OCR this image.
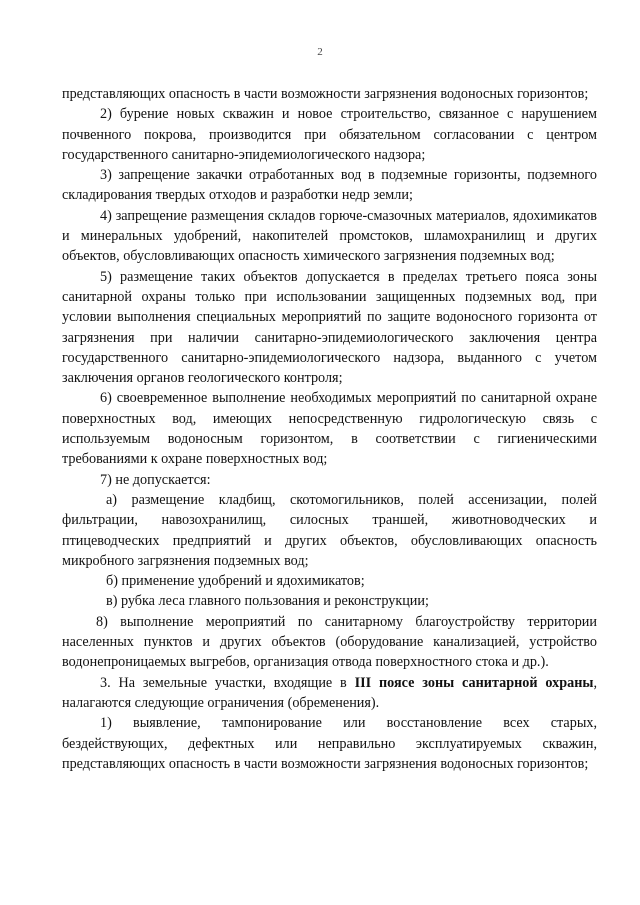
2

представляющих опасность в части возможности загрязнения водоносных горизонтов;

2) бурение новых скважин и новое строительство, связанное с нарушением почвенного покрова, производится при обязательном согласовании с центром государственного санитарно-эпидемиологического надзора;

3) запрещение закачки отработанных вод в подземные горизонты, подземного складирования твердых отходов и разработки недр земли;

4) запрещение размещения складов горюче-смазочных материалов, ядохимикатов и минеральных удобрений, накопителей промстоков, шламохранилищ и других объектов, обусловливающих опасность химического загрязнения подземных вод;

5) размещение таких объектов допускается в пределах третьего пояса зоны санитарной охраны только при использовании защищенных подземных вод, при условии выполнения специальных мероприятий по защите водоносного горизонта от загрязнения при наличии санитарно-эпидемиологического заключения центра государственного санитарно-эпидемиологического надзора, выданного с учетом заключения органов геологического контроля;

6) своевременное выполнение необходимых мероприятий по санитарной охране поверхностных вод, имеющих непосредственную гидрологическую связь с используемым водоносным горизонтом, в соответствии с гигиеническими требованиями к охране поверхностных вод;

7) не допускается:

а) размещение кладбищ, скотомогильников, полей ассенизации, полей фильтрации, навозохранилищ, силосных траншей, животноводческих и птицеводческих предприятий и других объектов, обусловливающих опасность микробного загрязнения подземных вод;

б) применение удобрений и ядохимикатов;

в) рубка леса главного пользования и реконструкции;

8) выполнение мероприятий по санитарному благоустройству территории населенных пунктов и других объектов (оборудование канализацией, устройство водонепроницаемых выгребов, организация отвода поверхностного стока и др.).

3. На земельные участки, входящие в III поясе зоны санитарной охраны, налагаются следующие ограничения (обременения).

1) выявление, тампонирование или восстановление всех старых, бездействующих, дефектных или неправильно эксплуатируемых скважин, представляющих опасность в части возможности загрязнения водоносных горизонтов;
